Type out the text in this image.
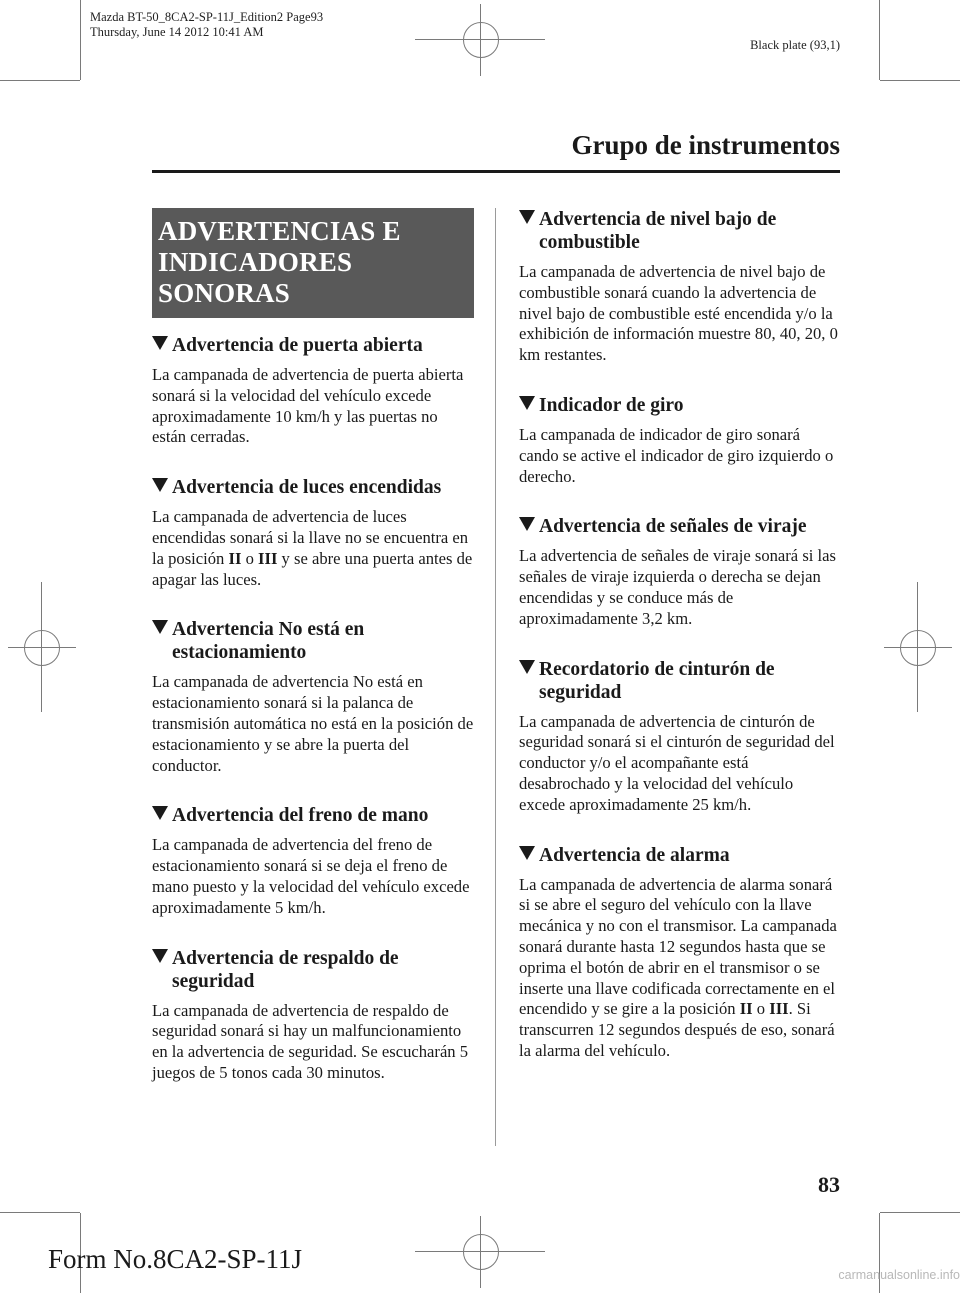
Mazda BT-50_8CA2-SP-11J_Edition2 Page93
Thursday, June 14 2012 10:41 AM
Black plate (93,1)
Grupo de instrumentos
ADVERTENCIAS E
INDICADORES SONORAS
Advertencia de puerta abierta

La campanada de advertencia de puerta abierta sonará si la velocidad del vehículo excede aproximadamente 10 km/h y las puertas no están cerradas.

Advertencia de luces encendidas

La campanada de advertencia de luces encendidas sonará si la llave no se encuentra en la posición II o III y se abre una puerta antes de apagar las luces.

Advertencia No está en estacionamiento

La campanada de advertencia No está en estacionamiento sonará si la palanca de transmisión automática no está en la posición de estacionamiento y se abre la puerta del conductor.

Advertencia del freno de mano

La campanada de advertencia del freno de estacionamiento sonará si se deja el freno de mano puesto y la velocidad del vehículo excede aproximadamente 5 km/h.

Advertencia de respaldo de seguridad

La campanada de advertencia de respaldo de seguridad sonará si hay un malfuncionamiento en la advertencia de seguridad. Se escucharán 5 juegos de 5 tonos cada 30 minutos.

Advertencia de nivel bajo de combustible

La campanada de advertencia de nivel bajo de combustible sonará cuando la advertencia de nivel bajo de combustible esté encendida y/o la exhibición de información muestre 80, 40, 20, 0 km restantes.

Indicador de giro

La campanada de indicador de giro sonará cando se active el indicador de giro izquierdo o derecho.

Advertencia de señales de viraje

La advertencia de señales de viraje sonará si las señales de viraje izquierda o derecha se dejan encendidas y se conduce más de aproximadamente 3,2 km.

Recordatorio de cinturón de seguridad

La campanada de advertencia de cinturón de seguridad sonará si el cinturón de seguridad del conductor y/o el acompañante está desabrochado y la velocidad del vehículo excede aproximadamente 25 km/h.

Advertencia de alarma

La campanada de advertencia de alarma sonará si se abre el seguro del vehículo con la llave mecánica y no con el transmisor. La campanada sonará durante hasta 12 segundos hasta que se oprima el botón de abrir en el transmisor o se inserte una llave codificada correctamente en el encendido y se gire a la posición II o III. Si transcurren 12 segundos después de eso, sonará la alarma del vehículo.

83
Form No.8CA2-SP-11J
carmanualsonline.info
